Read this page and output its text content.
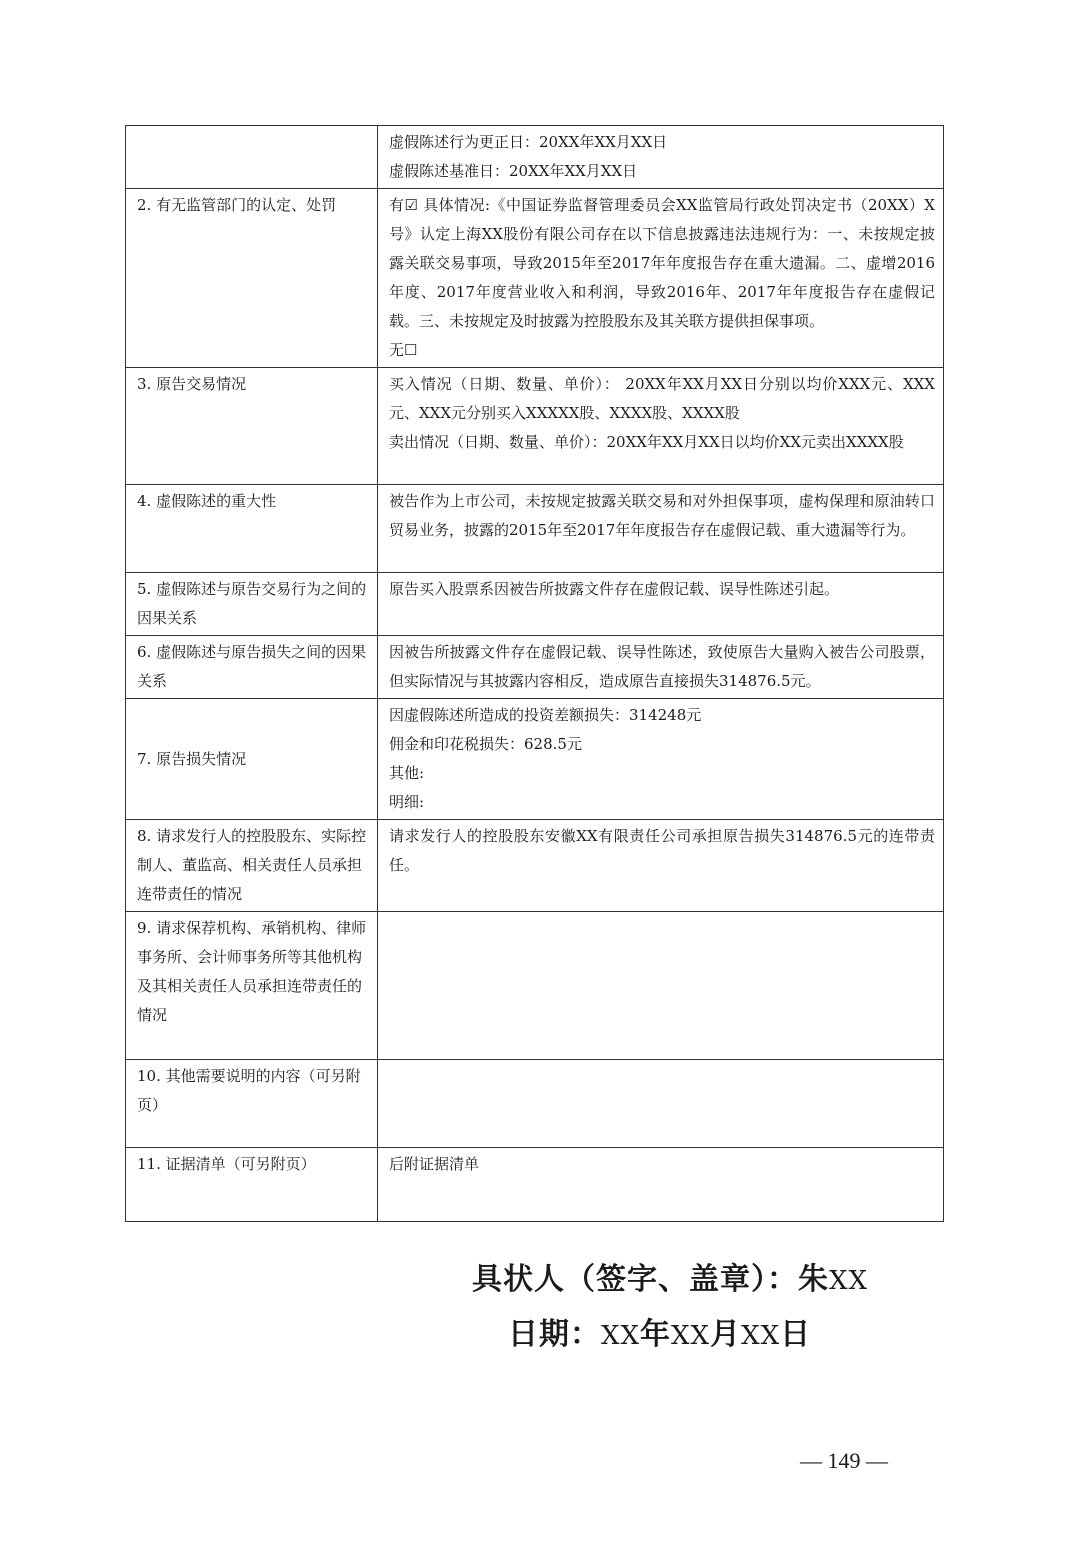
	虚假陈述行为更正日：20XX年XX月XX日
虚假陈述基准日：20XX年XX月XX日

2. 有无监管部门的认定、处罚	有☑ 具体情况:《中国证券监督管理委员会XX监管局行政处罚决定书（20XX）X号》认定上海XX股份有限公司存在以下信息披露违法违规行为：一、未按规定披露关联交易事项，导致2015年至2017年年度报告存在重大遗漏。二、虚增2016年度、2017年度营业收入和利润，导致2016年、2017年年度报告存在虚假记载。三、未按规定及时披露为控股股东及其关联方提供担保事项。
无☐

3. 原告交易情况	买入情况（日期、数量、单价）： 20XX年XX月XX日分别以均价XXX元、XXX元、XXX元分别买入XXXXX股、XXXX股、XXXX股
卖出情况（日期、数量、单价）：20XX年XX月XX日以均价XX元卖出XXXX股

4. 虚假陈述的重大性	被告作为上市公司，未按规定披露关联交易和对外担保事项，虚构保理和原油转口贸易业务，披露的2015年至2017年年度报告存在虚假记载、重大遗漏等行为。

5. 虚假陈述与原告交易行为之间的因果关系	原告买入股票系因被告所披露文件存在虚假记载、误导性陈述引起。

6. 虚假陈述与原告损失之间的因果关系	因被告所披露文件存在虚假记载、误导性陈述，致使原告大量购入被告公司股票，但实际情况与其披露内容相反，造成原告直接损失314876.5元。

7. 原告损失情况	因虚假陈述所造成的投资差额损失：314248元
佣金和印花税损失：628.5元
其他:
明细:

8. 请求发行人的控股股东、实际控制人、董监高、相关责任人员承担连带责任的情况	请求发行人的控股股东安徽XX有限责任公司承担原告损失314876.5元的连带责任。

9. 请求保荐机构、承销机构、律师事务所、会计师事务所等其他机构及其相关责任人员承担连带责任的情况	
10. 其他需要说明的内容（可另附页）	
11. 证据清单（可另附页）	后附证据清单
具状人（签字、盖章）：朱XX
日期：XX年XX月XX日
— 149 —
